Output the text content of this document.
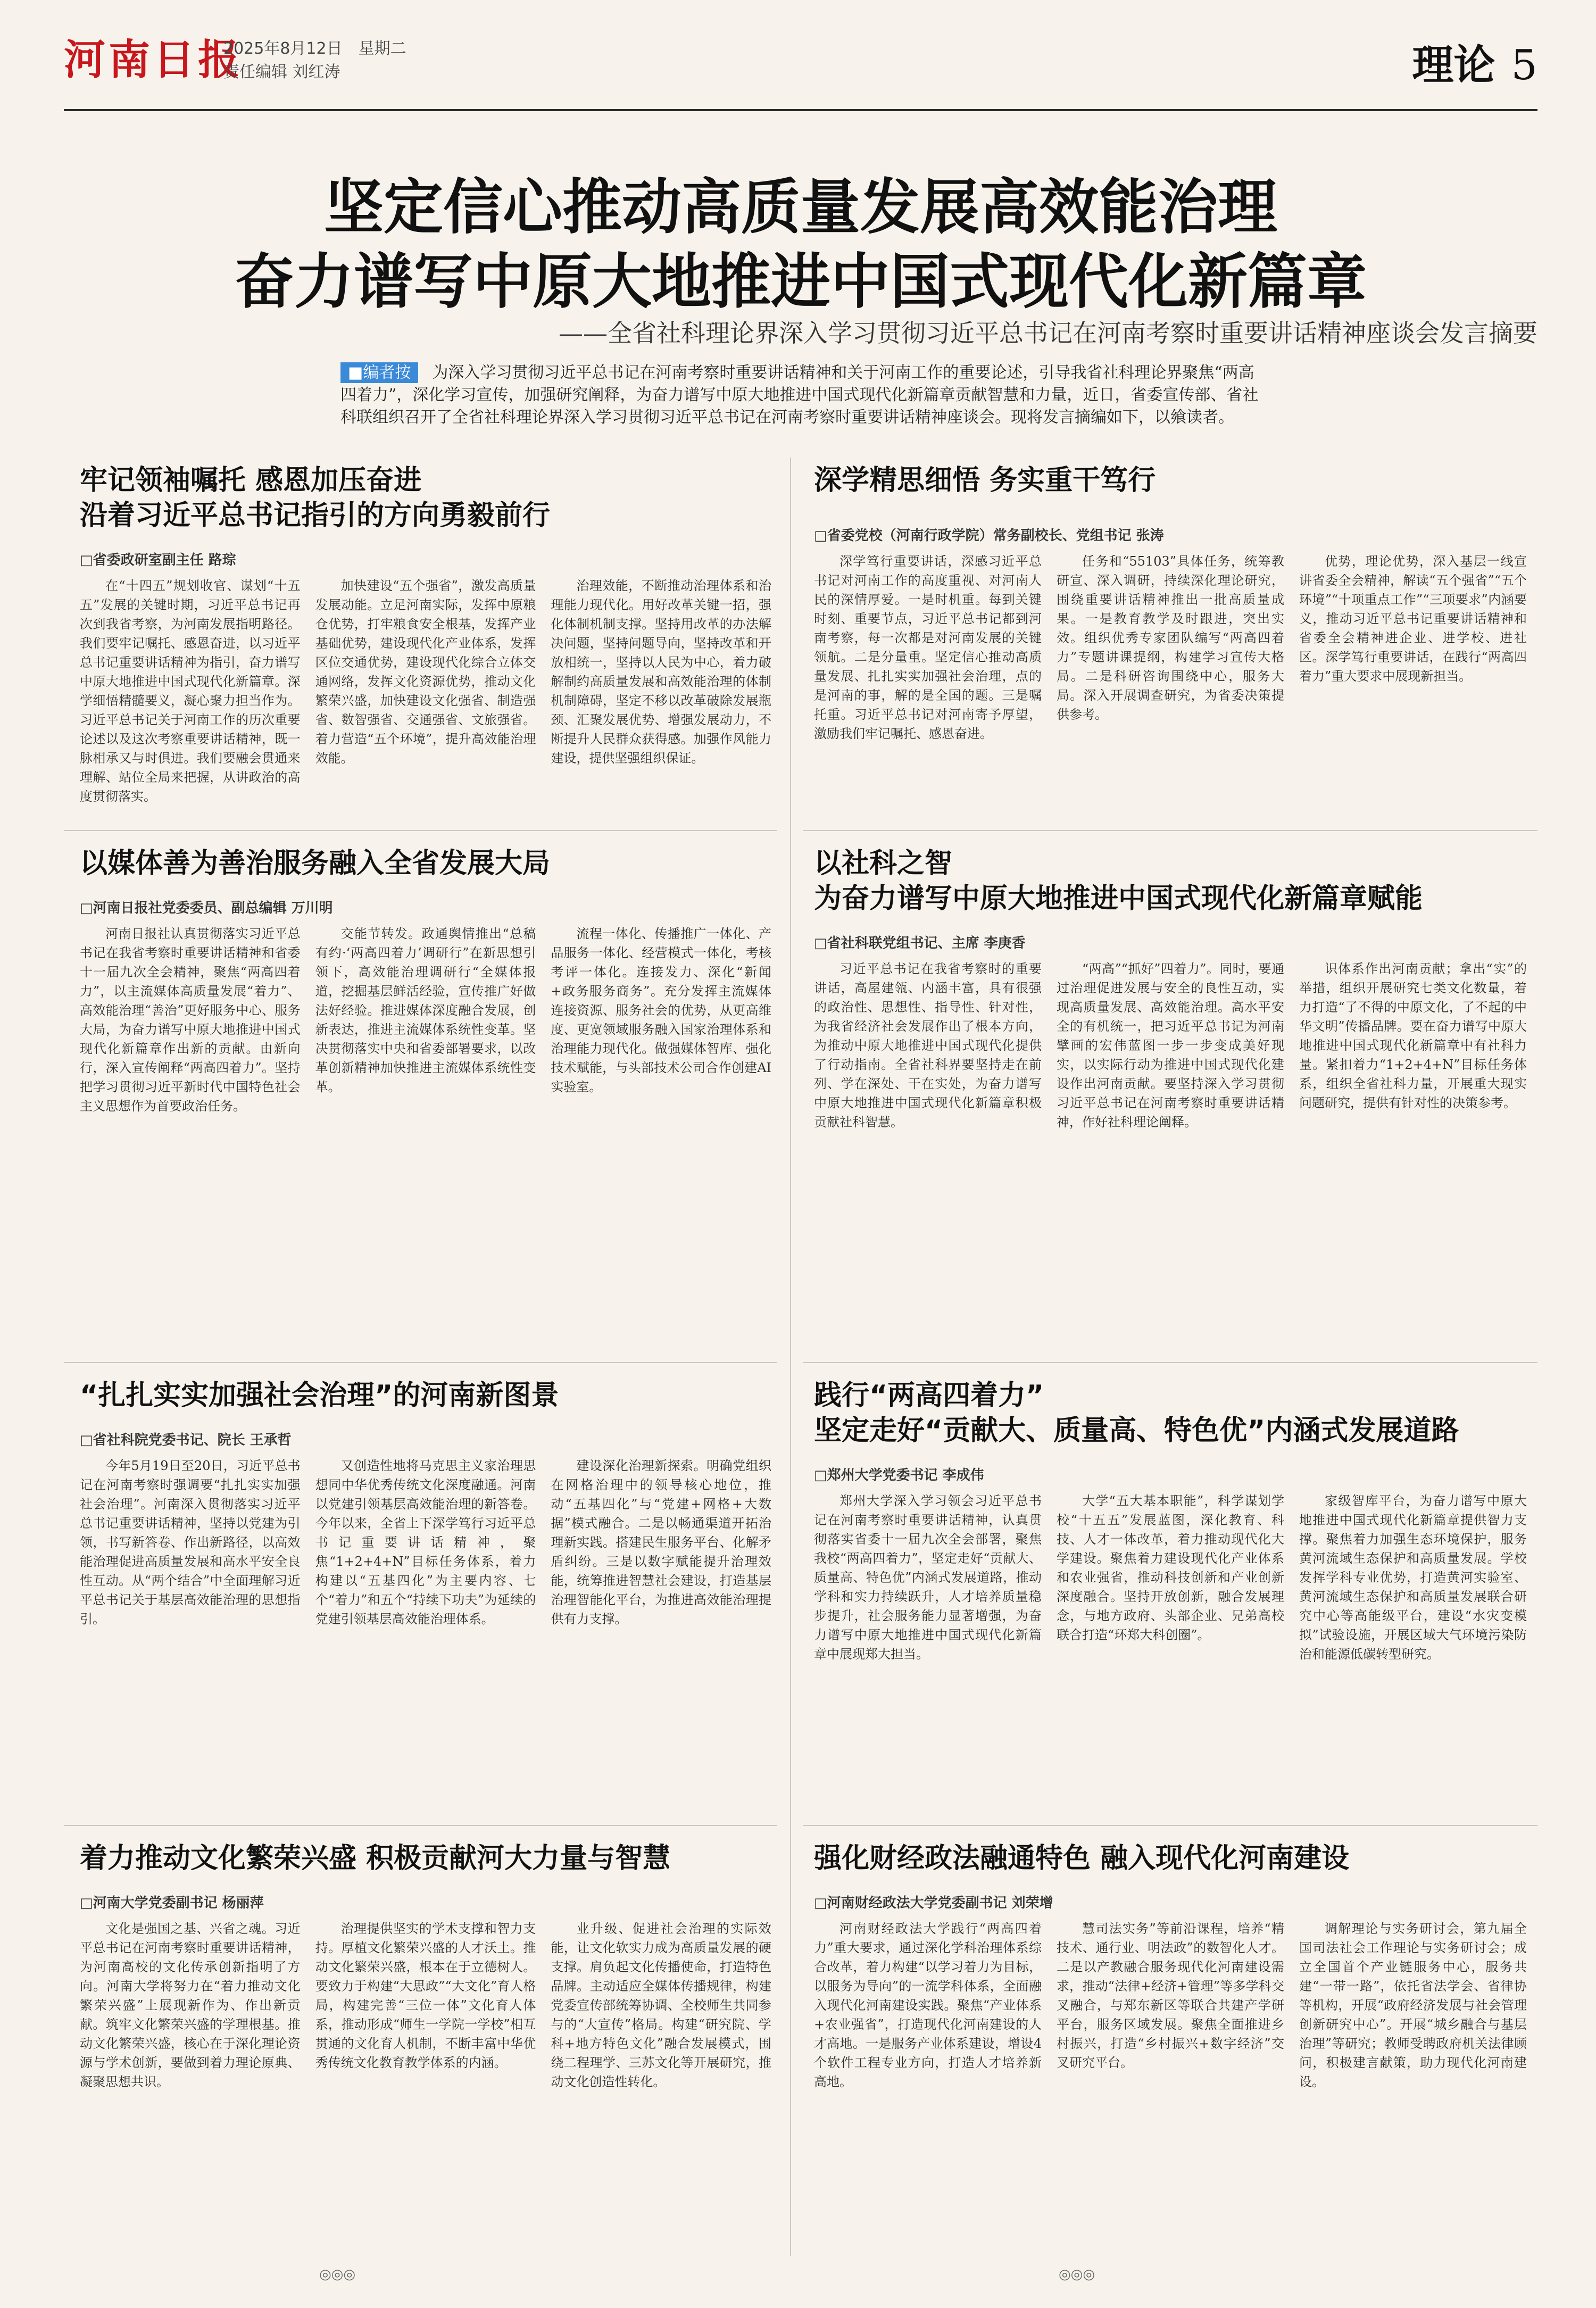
河南日报
2025年8月12日 星期二
责任编辑 刘红涛	理论 5
坚定信心推动高质量发展高效能治理
奋力谱写中原大地推进中国式现代化新篇章
——全省社科理论界深入学习贯彻习近平总书记在河南考察时重要讲话精神座谈会发言摘要
■编者按 为深入学习贯彻习近平总书记在河南考察时重要讲话精神和关于河南工作的重要论述，引导我省社科理论界聚焦“两高四着力”，深化学习宣传，加强研究阐释，为奋力谱写中原大地推进中国式现代化新篇章贡献智慧和力量，近日，省委宣传部、省社科联组织召开了全省社科理论界深入学习贯彻习近平总书记在河南考察时重要讲话精神座谈会。现将发言摘编如下，以飨读者。
牢记领袖嘱托 感恩加压奋进
沿着习近平总书记指引的方向勇毅前行
□省委政研室副主任 路琮
在“十四五”规划收官、谋划“十五五”发展的关键时期，习近平总书记再次到我省考察，为河南发展指明路径。我们要牢记嘱托、感恩奋进，以习近平总书记重要讲话精神为指引，奋力谱写中原大地推进中国式现代化新篇章。深学细悟精髓要义，凝心聚力担当作为。习近平总书记关于河南工作的历次重要论述以及这次考察重要讲话精神，既一脉相承又与时俱进。我们要融会贯通来理解、站位全局来把握，从讲政治的高度贯彻落实。
加快建设“五个强省”，激发高质量发展动能。立足河南实际，发挥中原粮仓优势，打牢粮食安全根基，发挥产业基础优势，建设现代化产业体系，发挥区位交通优势，建设现代化综合立体交通网络，发挥文化资源优势，推动文化繁荣兴盛，加快建设文化强省、制造强省、数智强省、交通强省、文旅强省。着力营造“五个环境”，提升高效能治理效能。
治理效能，不断推动治理体系和治理能力现代化。用好改革关键一招，强化体制机制支撑。坚持用改革的办法解决问题，坚持问题导向，坚持改革和开放相统一，坚持以人民为中心，着力破解制约高质量发展和高效能治理的体制机制障碍，坚定不移以改革破除发展瓶颈、汇聚发展优势、增强发展动力，不断提升人民群众获得感。加强作风能力建设，提供坚强组织保证。
深学精思细悟 务实重干笃行
□省委党校（河南行政学院）常务副校长、党组书记 张涛
深学笃行重要讲话，深感习近平总书记对河南工作的高度重视、对河南人民的深情厚爱。一是时机重。每到关键时刻、重要节点，习近平总书记都到河南考察，每一次都是对河南发展的关键领航。二是分量重。坚定信心推动高质量发展、扎扎实实加强社会治理，点的是河南的事，解的是全国的题。三是嘱托重。习近平总书记对河南寄予厚望，激励我们牢记嘱托、感恩奋进。
任务和“55103”具体任务，统筹教研宣、深入调研，持续深化理论研究，围绕重要讲话精神推出一批高质量成果。一是教育教学及时跟进，突出实效。组织优秀专家团队编写“两高四着力”专题讲课提纲，构建学习宣传大格局。二是科研咨询围绕中心，服务大局。深入开展调查研究，为省委决策提供参考。
优势，理论优势，深入基层一线宣讲省委全会精神，解读“五个强省”“五个环境”“十项重点工作”“三项要求”内涵要义，推动习近平总书记重要讲话精神和省委全会精神进企业、进学校、进社区。深学笃行重要讲话，在践行“两高四着力”重大要求中展现新担当。
以媒体善为善治服务融入全省发展大局
□河南日报社党委委员、副总编辑 万川明
河南日报社认真贯彻落实习近平总书记在我省考察时重要讲话精神和省委十一届九次全会精神，聚焦“两高四着力”，以主流媒体高质量发展“着力”、高效能治理“善治”更好服务中心、服务大局，为奋力谱写中原大地推进中国式现代化新篇章作出新的贡献。由新向行，深入宣传阐释“两高四着力”。坚持把学习贯彻习近平新时代中国特色社会主义思想作为首要政治任务。
交能节转发。政通舆情推出“总稿有约·‘两高四着力’调研行”在新思想引领下，高效能治理调研行“全媒体报道，挖掘基层鲜活经验，宣传推广好做法好经验。推进媒体深度融合发展，创新表达，推进主流媒体系统性变革。坚决贯彻落实中央和省委部署要求，以改革创新精神加快推进主流媒体系统性变革。
流程一体化、传播推广一体化、产品服务一体化、经营模式一体化，考核考评一体化。连接发力、深化“新闻+政务服务商务”。充分发挥主流媒体连接资源、服务社会的优势，从更高维度、更宽领域服务融入国家治理体系和治理能力现代化。做强媒体智库、强化技术赋能，与头部技术公司合作创建AI实验室。
以社科之智
为奋力谱写中原大地推进中国式现代化新篇章赋能
□省社科联党组书记、主席 李庚香
习近平总书记在我省考察时的重要讲话，高屋建瓴、内涵丰富，具有很强的政治性、思想性、指导性、针对性，为我省经济社会发展作出了根本方向，为推动中原大地推进中国式现代化提供了行动指南。全省社科界要坚持走在前列、学在深处、干在实处，为奋力谱写中原大地推进中国式现代化新篇章积极贡献社科智慧。
“两高”“抓好”四着力”。同时，要通过治理促进发展与安全的良性互动，实现高质量发展、高效能治理。高水平安全的有机统一，把习近平总书记为河南擘画的宏伟蓝图一步一步变成美好现实，以实际行动为推进中国式现代化建设作出河南贡献。要坚持深入学习贯彻习近平总书记在河南考察时重要讲话精神，作好社科理论阐释。
识体系作出河南贡献；拿出“实”的举措，组织开展研究七类文化数量，着力打造“了不得的中原文化，了不起的中华文明”传播品牌。要在奋力谱写中原大地推进中国式现代化新篇章中有社科力量。紧扣着力“1+2+4+N”目标任务体系，组织全省社科力量，开展重大现实问题研究，提供有针对性的决策参考。
“扎扎实实加强社会治理”的河南新图景
□省社科院党委书记、院长 王承哲
今年5月19日至20日，习近平总书记在河南考察时强调要“扎扎实实加强社会治理”。河南深入贯彻落实习近平总书记重要讲话精神，坚持以党建为引领，书写新答卷、作出新路径，以高效能治理促进高质量发展和高水平安全良性互动。从“两个结合”中全面理解习近平总书记关于基层高效能治理的思想指引。
又创造性地将马克思主义家治理思想同中华优秀传统文化深度融通。河南以党建引领基层高效能治理的新答卷。今年以来，全省上下深学笃行习近平总书记重要讲话精神，聚焦“1+2+4+N”目标任务体系，着力构建以“五基四化”为主要内容、七个“着力”和五个“持续下功夫”为延续的党建引领基层高效能治理体系。
建设深化治理新探索。明确党组织在网格治理中的领导核心地位，推动“五基四化”与“党建+网格+大数据”模式融合。二是以畅通渠道开拓治理新实践。搭建民生服务平台、化解矛盾纠纷。三是以数字赋能提升治理效能，统筹推进智慧社会建设，打造基层治理智能化平台，为推进高效能治理提供有力支撑。
践行“两高四着力”
坚定走好“贡献大、质量高、特色优”内涵式发展道路
□郑州大学党委书记 李成伟
郑州大学深入学习领会习近平总书记在河南考察时重要讲话精神，认真贯彻落实省委十一届九次全会部署，聚焦我校“两高四着力”，坚定走好“贡献大、质量高、特色优”内涵式发展道路，推动学科和实力持续跃升，人才培养质量稳步提升，社会服务能力显著增强，为奋力谱写中原大地推进中国式现代化新篇章中展现郑大担当。
大学“五大基本职能”，科学谋划学校“十五五”发展蓝图，深化教育、科技、人才一体改革，着力推动现代化大学建设。聚焦着力建设现代化产业体系和农业强省，推动科技创新和产业创新深度融合。坚持开放创新，融合发展理念，与地方政府、头部企业、兄弟高校联合打造“环郑大科创圈”。
家级智库平台，为奋力谱写中原大地推进中国式现代化新篇章提供智力支撑。聚焦着力加强生态环境保护，服务黄河流域生态保护和高质量发展。学校发挥学科专业优势，打造黄河实验室、黄河流域生态保护和高质量发展联合研究中心等高能级平台，建设“水灾变模拟”试验设施，开展区域大气环境污染防治和能源低碳转型研究。
着力推动文化繁荣兴盛 积极贡献河大力量与智慧
□河南大学党委副书记 杨丽萍
文化是强国之基、兴省之魂。习近平总书记在河南考察时重要讲话精神，为河南高校的文化传承创新指明了方向。河南大学将努力在“着力推动文化繁荣兴盛”上展现新作为、作出新贡献。筑牢文化繁荣兴盛的学理根基。推动文化繁荣兴盛，核心在于深化理论资源与学术创新，要做到着力理论原典、凝聚思想共识。
治理提供坚实的学术支撑和智力支持。厚植文化繁荣兴盛的人才沃土。推动文化繁荣兴盛，根本在于立德树人。要致力于构建“大思政”“大文化”育人格局，构建完善“三位一体”文化育人体系，推动形成“师生一学院一学校”相互贯通的文化育人机制，不断丰富中华优秀传统文化教育教学体系的内涵。
业升级、促进社会治理的实际效能，让文化软实力成为高质量发展的硬支撑。肩负起文化传播使命，打造特色品牌。主动适应全媒体传播规律，构建党委宣传部统筹协调、全校师生共同参与的“大宣传”格局。构建“研究院、学科+地方特色文化”融合发展模式，围绕二程理学、三苏文化等开展研究，推动文化创造性转化。
强化财经政法融通特色 融入现代化河南建设
□河南财经政法大学党委副书记 刘荣增
河南财经政法大学践行“两高四着力”重大要求，通过深化学科治理体系综合改革，着力构建“以学习着力为目标，以服务为导向”的一流学科体系，全面融入现代化河南建设实践。聚焦“产业体系+农业强省”，打造现代化河南建设的人才高地。一是服务产业体系建设，增设4个软件工程专业方向，打造人才培养新高地。
慧司法实务”等前沿课程，培养“精技术、通行业、明法政”的数智化人才。二是以产教融合服务现代化河南建设需求，推动“法律+经济+管理”等多学科交叉融合，与郑东新区等联合共建产学研平台，服务区域发展。聚焦全面推进乡村振兴，打造“乡村振兴+数字经济”交叉研究平台。
调解理论与实务研讨会，第九届全国司法社会工作理论与实务研讨会；成立全国首个产业链服务中心，服务共建“一带一路”，依托省法学会、省律协等机构，开展“政府经济发展与社会管理创新研究中心”。开展“城乡融合与基层治理”等研究；教师受聘政府机关法律顾问，积极建言献策，助力现代化河南建设。
◎◎◎	◎◎◎
